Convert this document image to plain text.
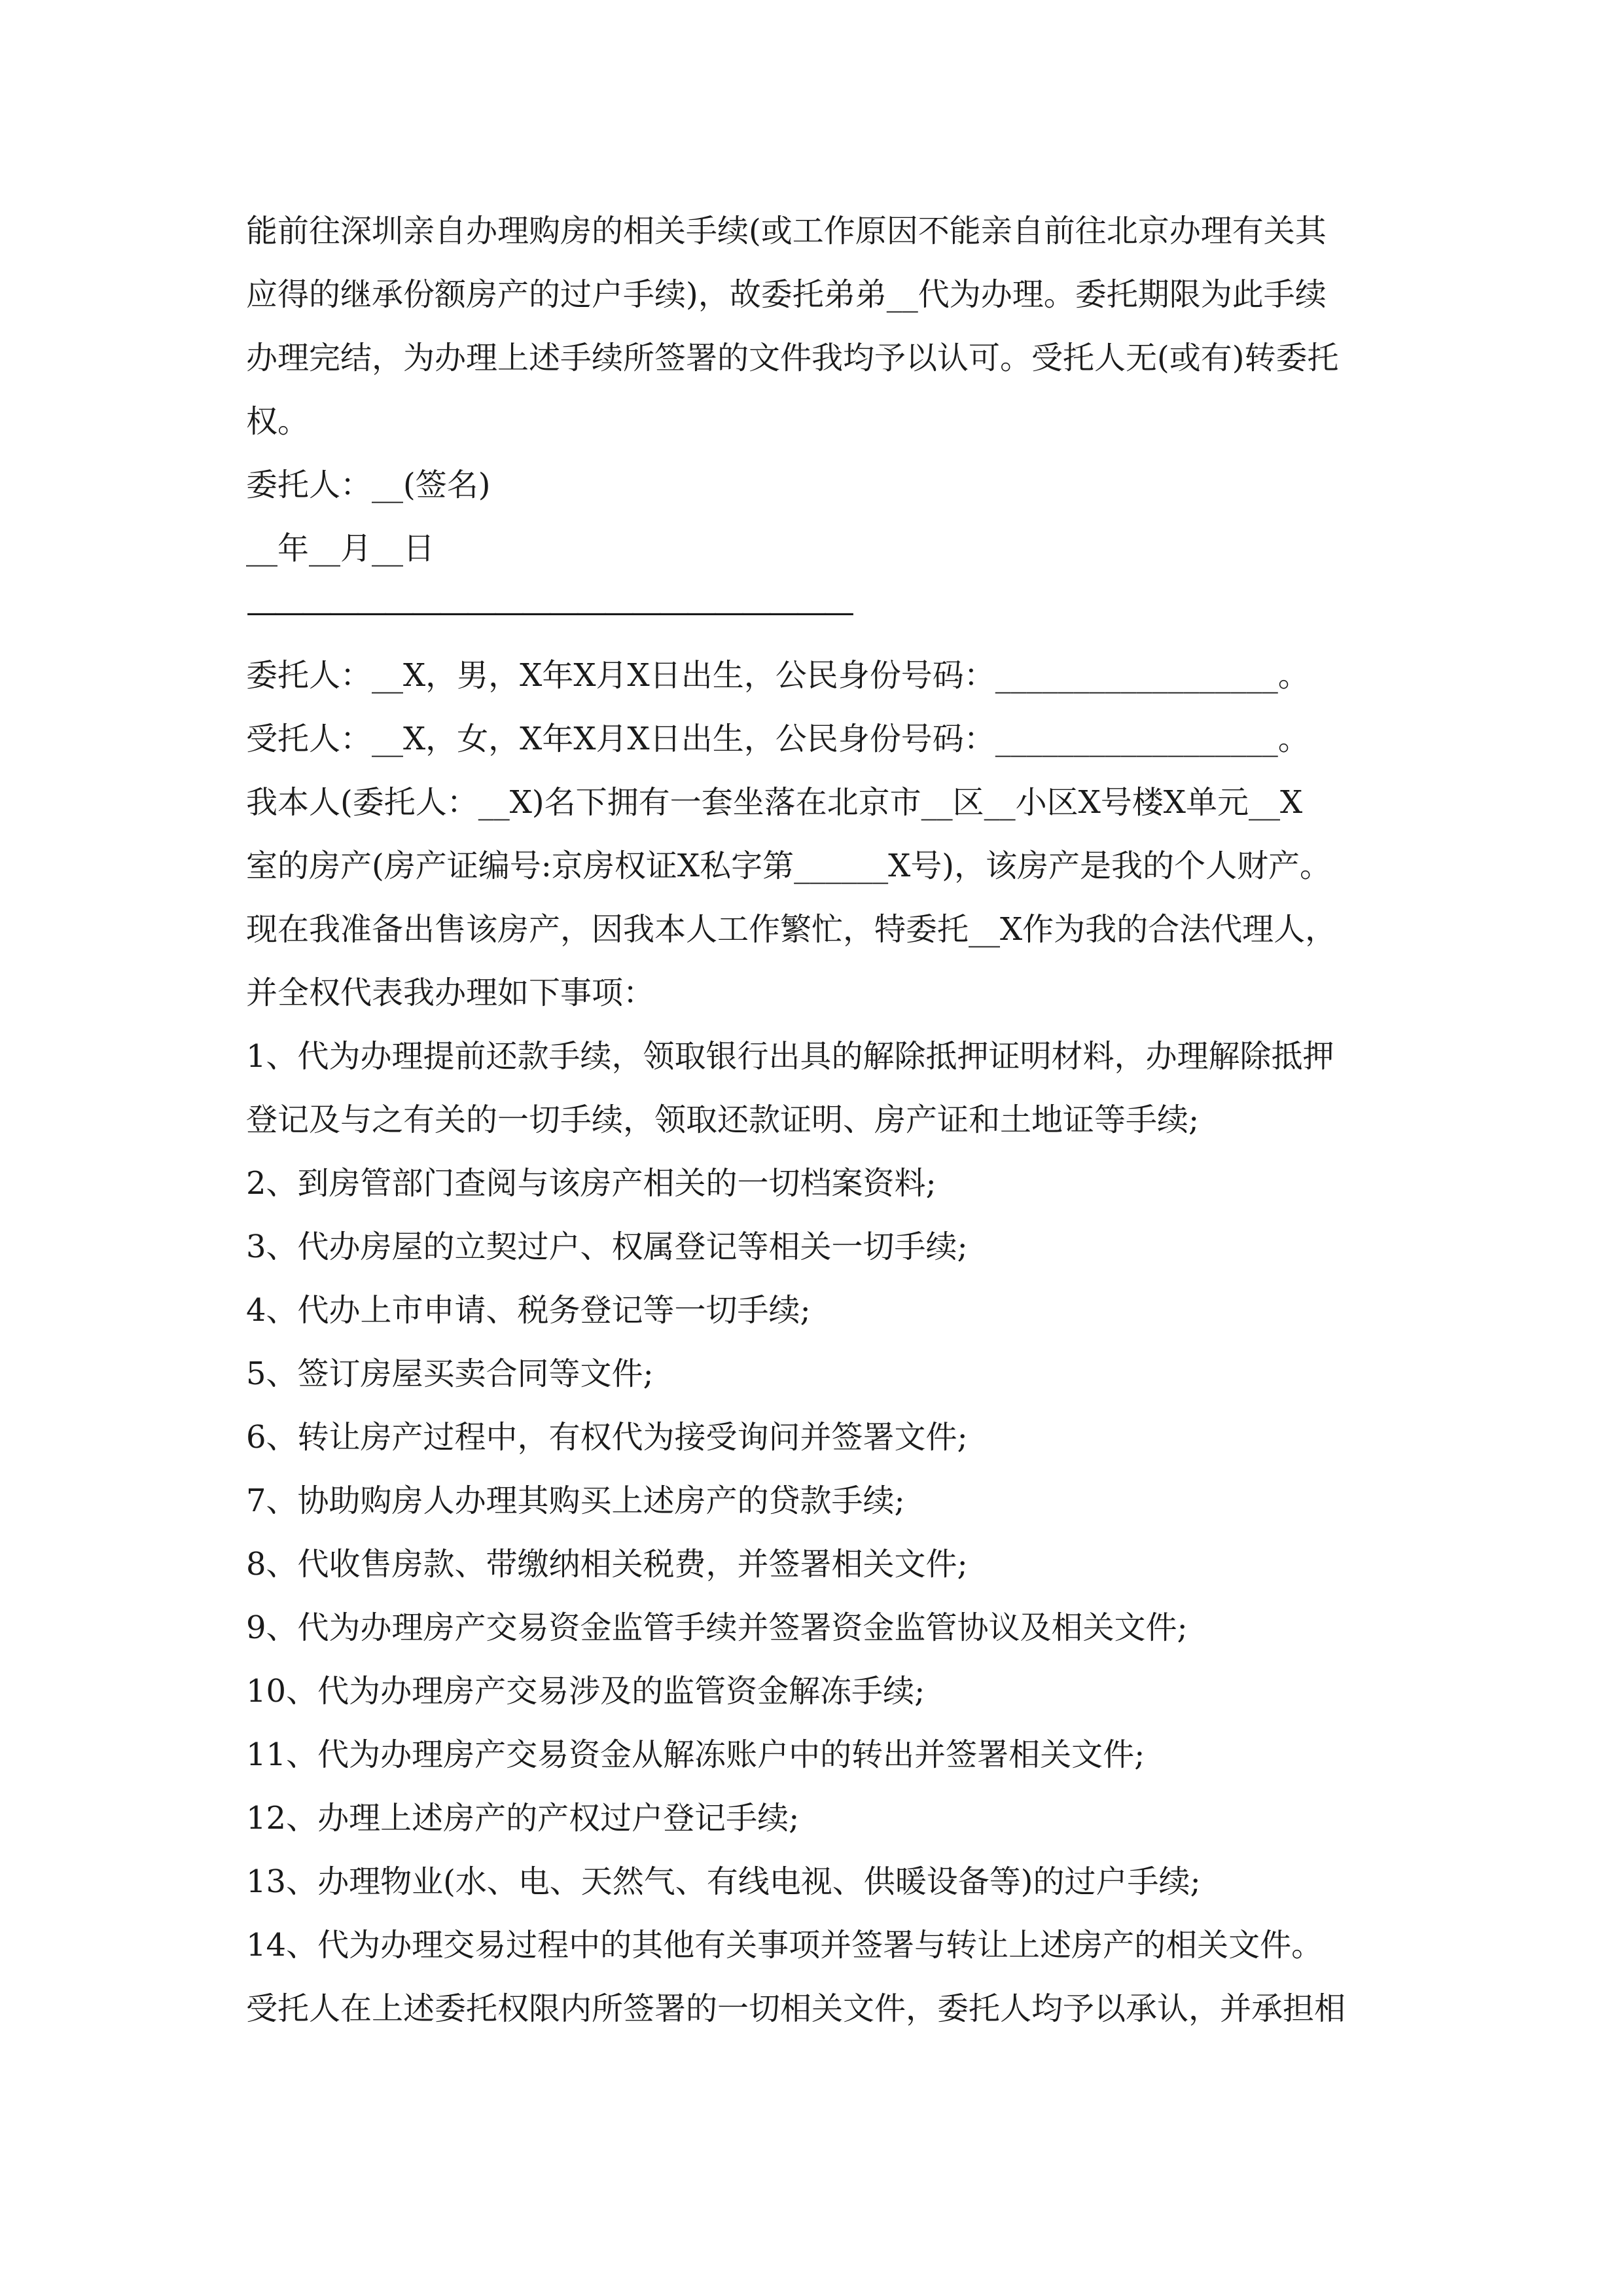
能前往深圳亲自办理购房的相关手续(或工作原因不能亲自前往北京办理有关其
应得的继承份额房产的过户手续)，故委托弟弟__代为办理。委托期限为此手续
办理完结，为办理上述手续所签署的文件我均予以认可。受托人无(或有)转委托
权。
委托人：__(签名)
__年__月__日
——————————————————————
委托人：__X，男，X年X月X日出生，公民身份号码：__________________。
受托人：__X，女，X年X月X日出生，公民身份号码：__________________。
我本人(委托人：__X)名下拥有一套坐落在北京市__区__小区X号楼X单元__X
室的房产(房产证编号:京房权证X私字第______X号)，该房产是我的个人财产。
现在我准备出售该房产，因我本人工作繁忙，特委托__X作为我的合法代理人，
并全权代表我办理如下事项：
1、代为办理提前还款手续，领取银行出具的解除抵押证明材料，办理解除抵押
登记及与之有关的一切手续，领取还款证明、房产证和土地证等手续;
2、到房管部门查阅与该房产相关的一切档案资料;
3、代办房屋的立契过户、权属登记等相关一切手续;
4、代办上市申请、税务登记等一切手续;
5、签订房屋买卖合同等文件;
6、转让房产过程中，有权代为接受询问并签署文件;
7、协助购房人办理其购买上述房产的贷款手续;
8、代收售房款、带缴纳相关税费，并签署相关文件;
9、代为办理房产交易资金监管手续并签署资金监管协议及相关文件;
10、代为办理房产交易涉及的监管资金解冻手续;
11、代为办理房产交易资金从解冻账户中的转出并签署相关文件;
12、办理上述房产的产权过户登记手续;
13、办理物业(水、电、天然气、有线电视、供暖设备等)的过户手续;
14、代为办理交易过程中的其他有关事项并签署与转让上述房产的相关文件。
受托人在上述委托权限内所签署的一切相关文件，委托人均予以承认，并承担相
